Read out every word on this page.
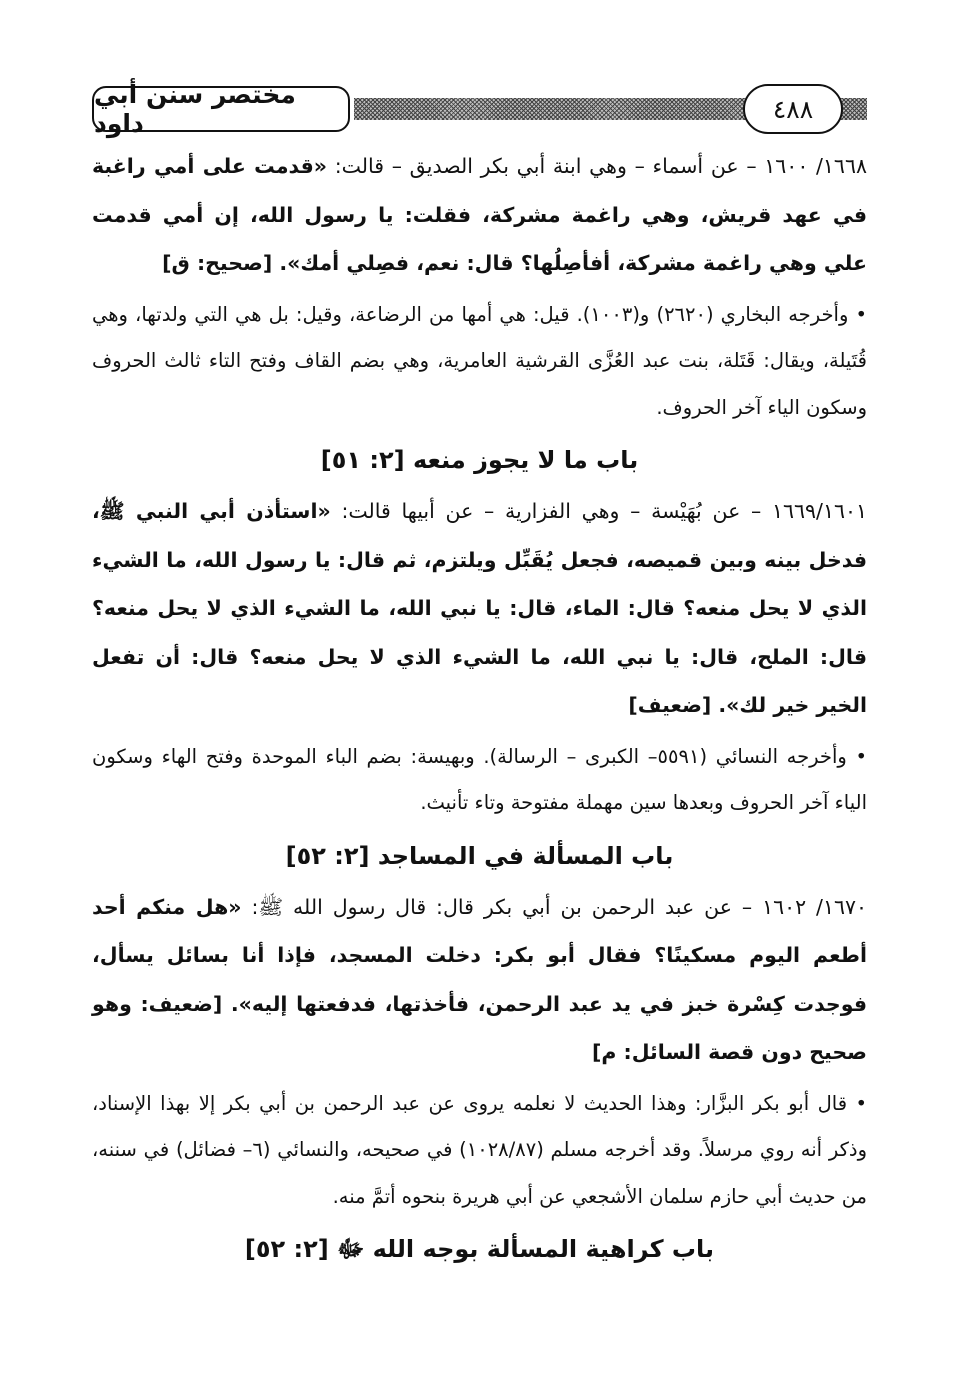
مختصر سنن أبي داود	٤٨٨

١٦٦٨/ ١٦٠٠ – عن أسماء – وهي ابنة أبي بكر الصديق – قالت: «قدمت على أمي راغبة في عهد قريش، وهي راغمة مشركة، فقلت: يا رسول الله، إن أمي قدمت علي وهي راغمة مشركة، أفأصِلُها؟ قال: نعم، فصِلي أمك». [صحيح: ق]

• وأخرجه البخاري (٢٦٢٠) و(١٠٠٣). قيل: هي أمها من الرضاعة، وقيل: بل هي التي ولدتها، وهي قُتَيلة، ويقال: قَتَلة، بنت عبد العُزَّى القرشية العامرية، وهي بضم القاف وفتح التاء ثالث الحروف وسكون الياء آخر الحروف.

باب ما لا يجوز منعه [٢: ٥١]

١٦٦٩/١٦٠١ – عن بُهَيْسة – وهي الفزارية – عن أبيها قالت: «استأذن أبي النبي ﷺ، فدخل بينه وبين قميصه، فجعل يُقَبِّل ويلتزم، ثم قال: يا رسول الله، ما الشيء الذي لا يحل منعه؟ قال: الماء، قال: يا نبي الله، ما الشيء الذي لا يحل منعه؟ قال: الملح، قال: يا نبي الله، ما الشيء الذي لا يحل منعه؟ قال: أن تفعل الخير خير لك». [ضعيف]

• وأخرجه النسائي (٥٥٩١– الكبرى – الرسالة). وبهيسة: بضم الباء الموحدة وفتح الهاء وسكون الياء آخر الحروف وبعدها سين مهملة مفتوحة وتاء تأنيث.

باب المسألة في المساجد [٢: ٥٢]

١٦٧٠/ ١٦٠٢ – عن عبد الرحمن بن أبي بكر قال: قال رسول الله ﷺ: «هل منكم أحد أطعم اليوم مسكينًا؟ فقال أبو بكر: دخلت المسجد، فإذا أنا بسائل يسأل، فوجدت كِسْرة خبز في يد عبد الرحمن، فأخذتها، فدفعتها إليه». [ضعيف: وهو صحيح دون قصة السائل: م]

• قال أبو بكر البزَّار: وهذا الحديث لا نعلمه يروى عن عبد الرحمن بن أبي بكر إلا بهذا الإسناد، وذكر أنه روي مرسلاً. وقد أخرجه مسلم (١٠٢٨/٨٧) في صحيحه، والنسائي (٦– فضائل) في سننه، من حديث أبي حازم سلمان الأشجعي عن أبي هريرة بنحوه أتمَّ منه.

باب كراهية المسألة بوجه الله ﷻ [٢: ٥٢]
